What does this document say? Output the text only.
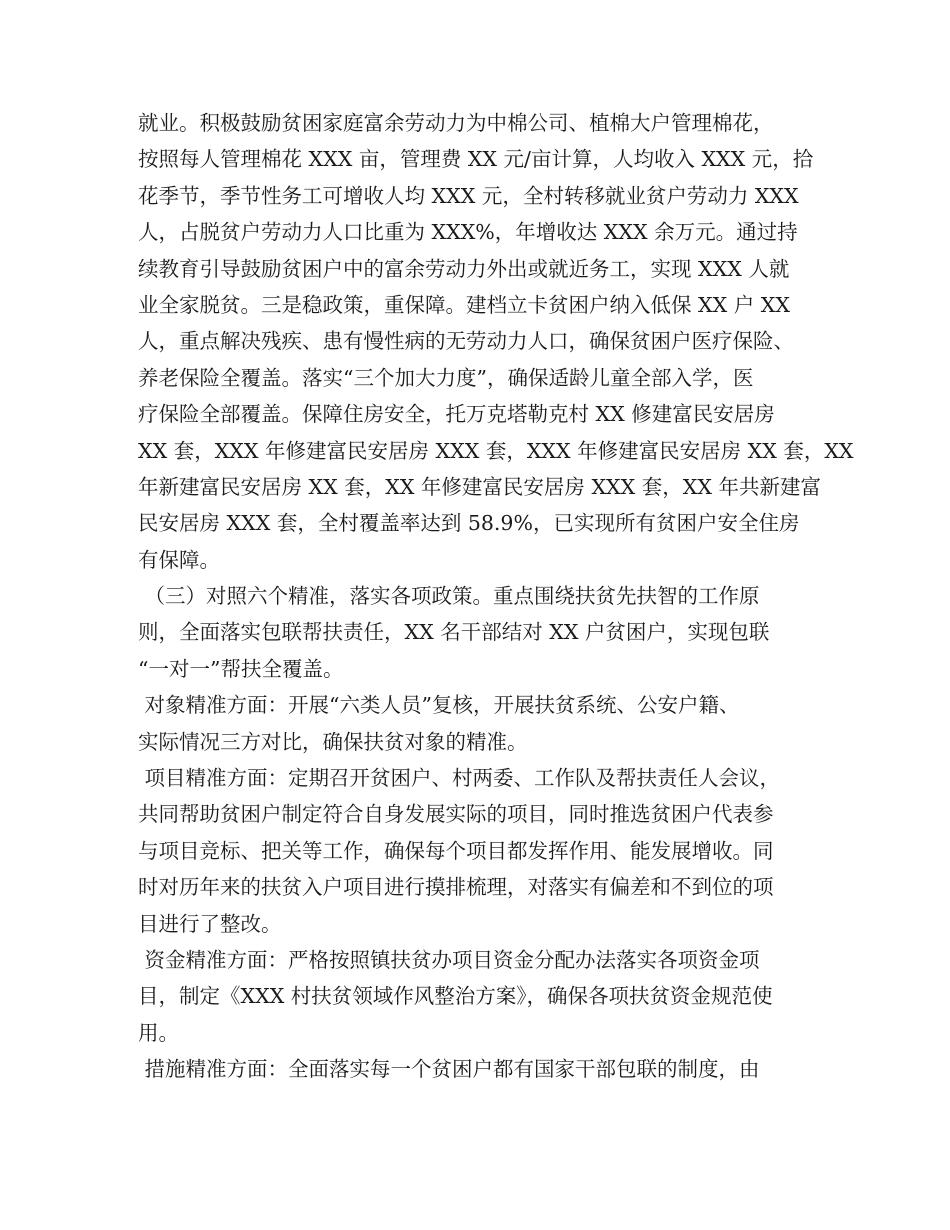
就业。积极鼓励贫困家庭富余劳动力为中棉公司、植棉大户管理棉花，
按照每人管理棉花 XXX 亩，管理费 XX 元/亩计算，人均收入 XXX 元，拾
花季节，季节性务工可增收人均 XXX 元，全村转移就业贫户劳动力 XXX
人，占脱贫户劳动力人口比重为 XXX%，年增收达 XXX 余万元。通过持
续教育引导鼓励贫困户中的富余劳动力外出或就近务工，实现 XXX 人就
业全家脱贫。三是稳政策，重保障。建档立卡贫困户纳入低保 XX 户 XX
人，重点解决残疾、患有慢性病的无劳动力人口，确保贫困户医疗保险、
养老保险全覆盖。落实“三个加大力度”，确保适龄儿童全部入学，医
疗保险全部覆盖。保障住房安全，托万克塔勒克村 XX 修建富民安居房
XX 套，XXX 年修建富民安居房 XXX 套，XXX 年修建富民安居房 XX 套，XX
年新建富民安居房 XX 套，XX 年修建富民安居房 XXX 套，XX 年共新建富
民安居房 XXX 套，全村覆盖率达到 58.9%，已实现所有贫困户安全住房
有保障。
（三）对照六个精准，落实各项政策。重点围绕扶贫先扶智的工作原
则，全面落实包联帮扶责任，XX 名干部结对 XX 户贫困户，实现包联
“一对一”帮扶全覆盖。
对象精准方面：开展“六类人员”复核，开展扶贫系统、公安户籍、
实际情况三方对比，确保扶贫对象的精准。
项目精准方面：定期召开贫困户、村两委、工作队及帮扶责任人会议，
共同帮助贫困户制定符合自身发展实际的项目，同时推选贫困户代表参
与项目竞标、把关等工作，确保每个项目都发挥作用、能发展增收。同
时对历年来的扶贫入户项目进行摸排梳理，对落实有偏差和不到位的项
目进行了整改。
资金精准方面：严格按照镇扶贫办项目资金分配办法落实各项资金项
目，制定《XXX 村扶贫领域作风整治方案》，确保各项扶贫资金规范使
用。
措施精准方面：全面落实每一个贫困户都有国家干部包联的制度，由
